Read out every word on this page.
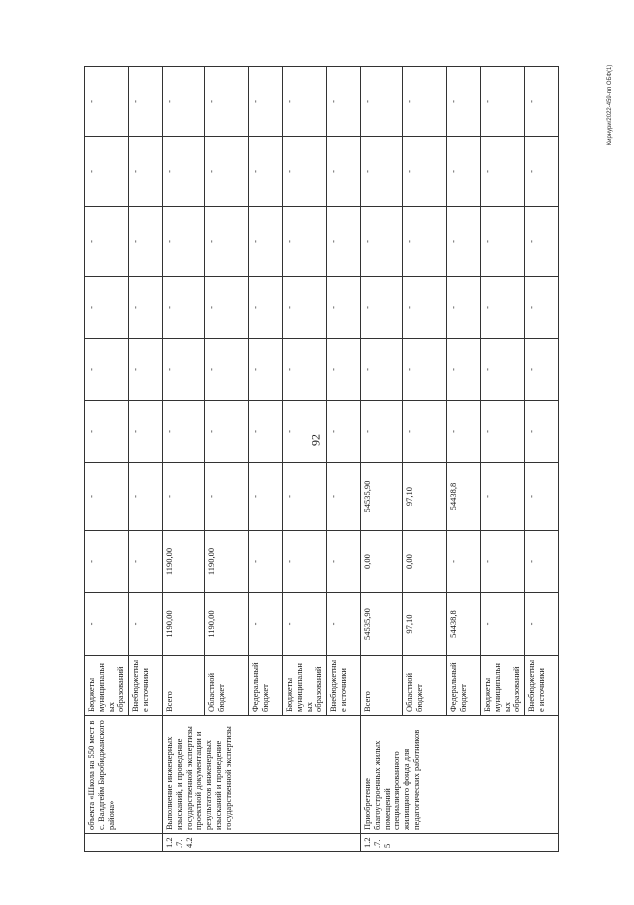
92
Кирнури/2022-459-пп ОБФ(1)
	объекта «Школа на 550 мест в с. Валдгейм Биробиджанского района»	Бюджеты муниципальных образований	-	-	-	-	-	-	-	-	-
		Внебюджетные источники	-	-	-	-	-	-	-	-	-
1.2.7.4.2	Выполнение инженерных изысканий, и проведение государственной экспертизы проектной документации и результатов инженерных изысканий и проведение государственной экспертизы	Всего	1190,00	1190,00	-	-	-	-	-	-	-
		Областной бюджет	1190,00	1190,00	-	-	-	-	-	-	-
		Федеральный бюджет	-	-	-	-	-	-	-	-	-
		Бюджеты муниципальных образований	-	-	-	-	-	-	-	-	-
		Внебюджетные источники	-	-	-	-	-	-	-	-	-
1.2.7.5	Приобретение благоустроенных жилых помещений специализированного жилищного фонда для педагогических работников	Всего	54535,90	0,00	54535,90	-	-	-	-	-	-
		Областной бюджет	97,10	0,00	97,10	-	-	-	-	-	-
		Федеральный бюджет	54438,8	-	54438,8	-	-	-	-	-	-
		Бюджеты муниципальных образований	-	-	-	-	-	-	-	-	-
		Внебюджетные источники	-	-	-	-	-	-	-	-	-
